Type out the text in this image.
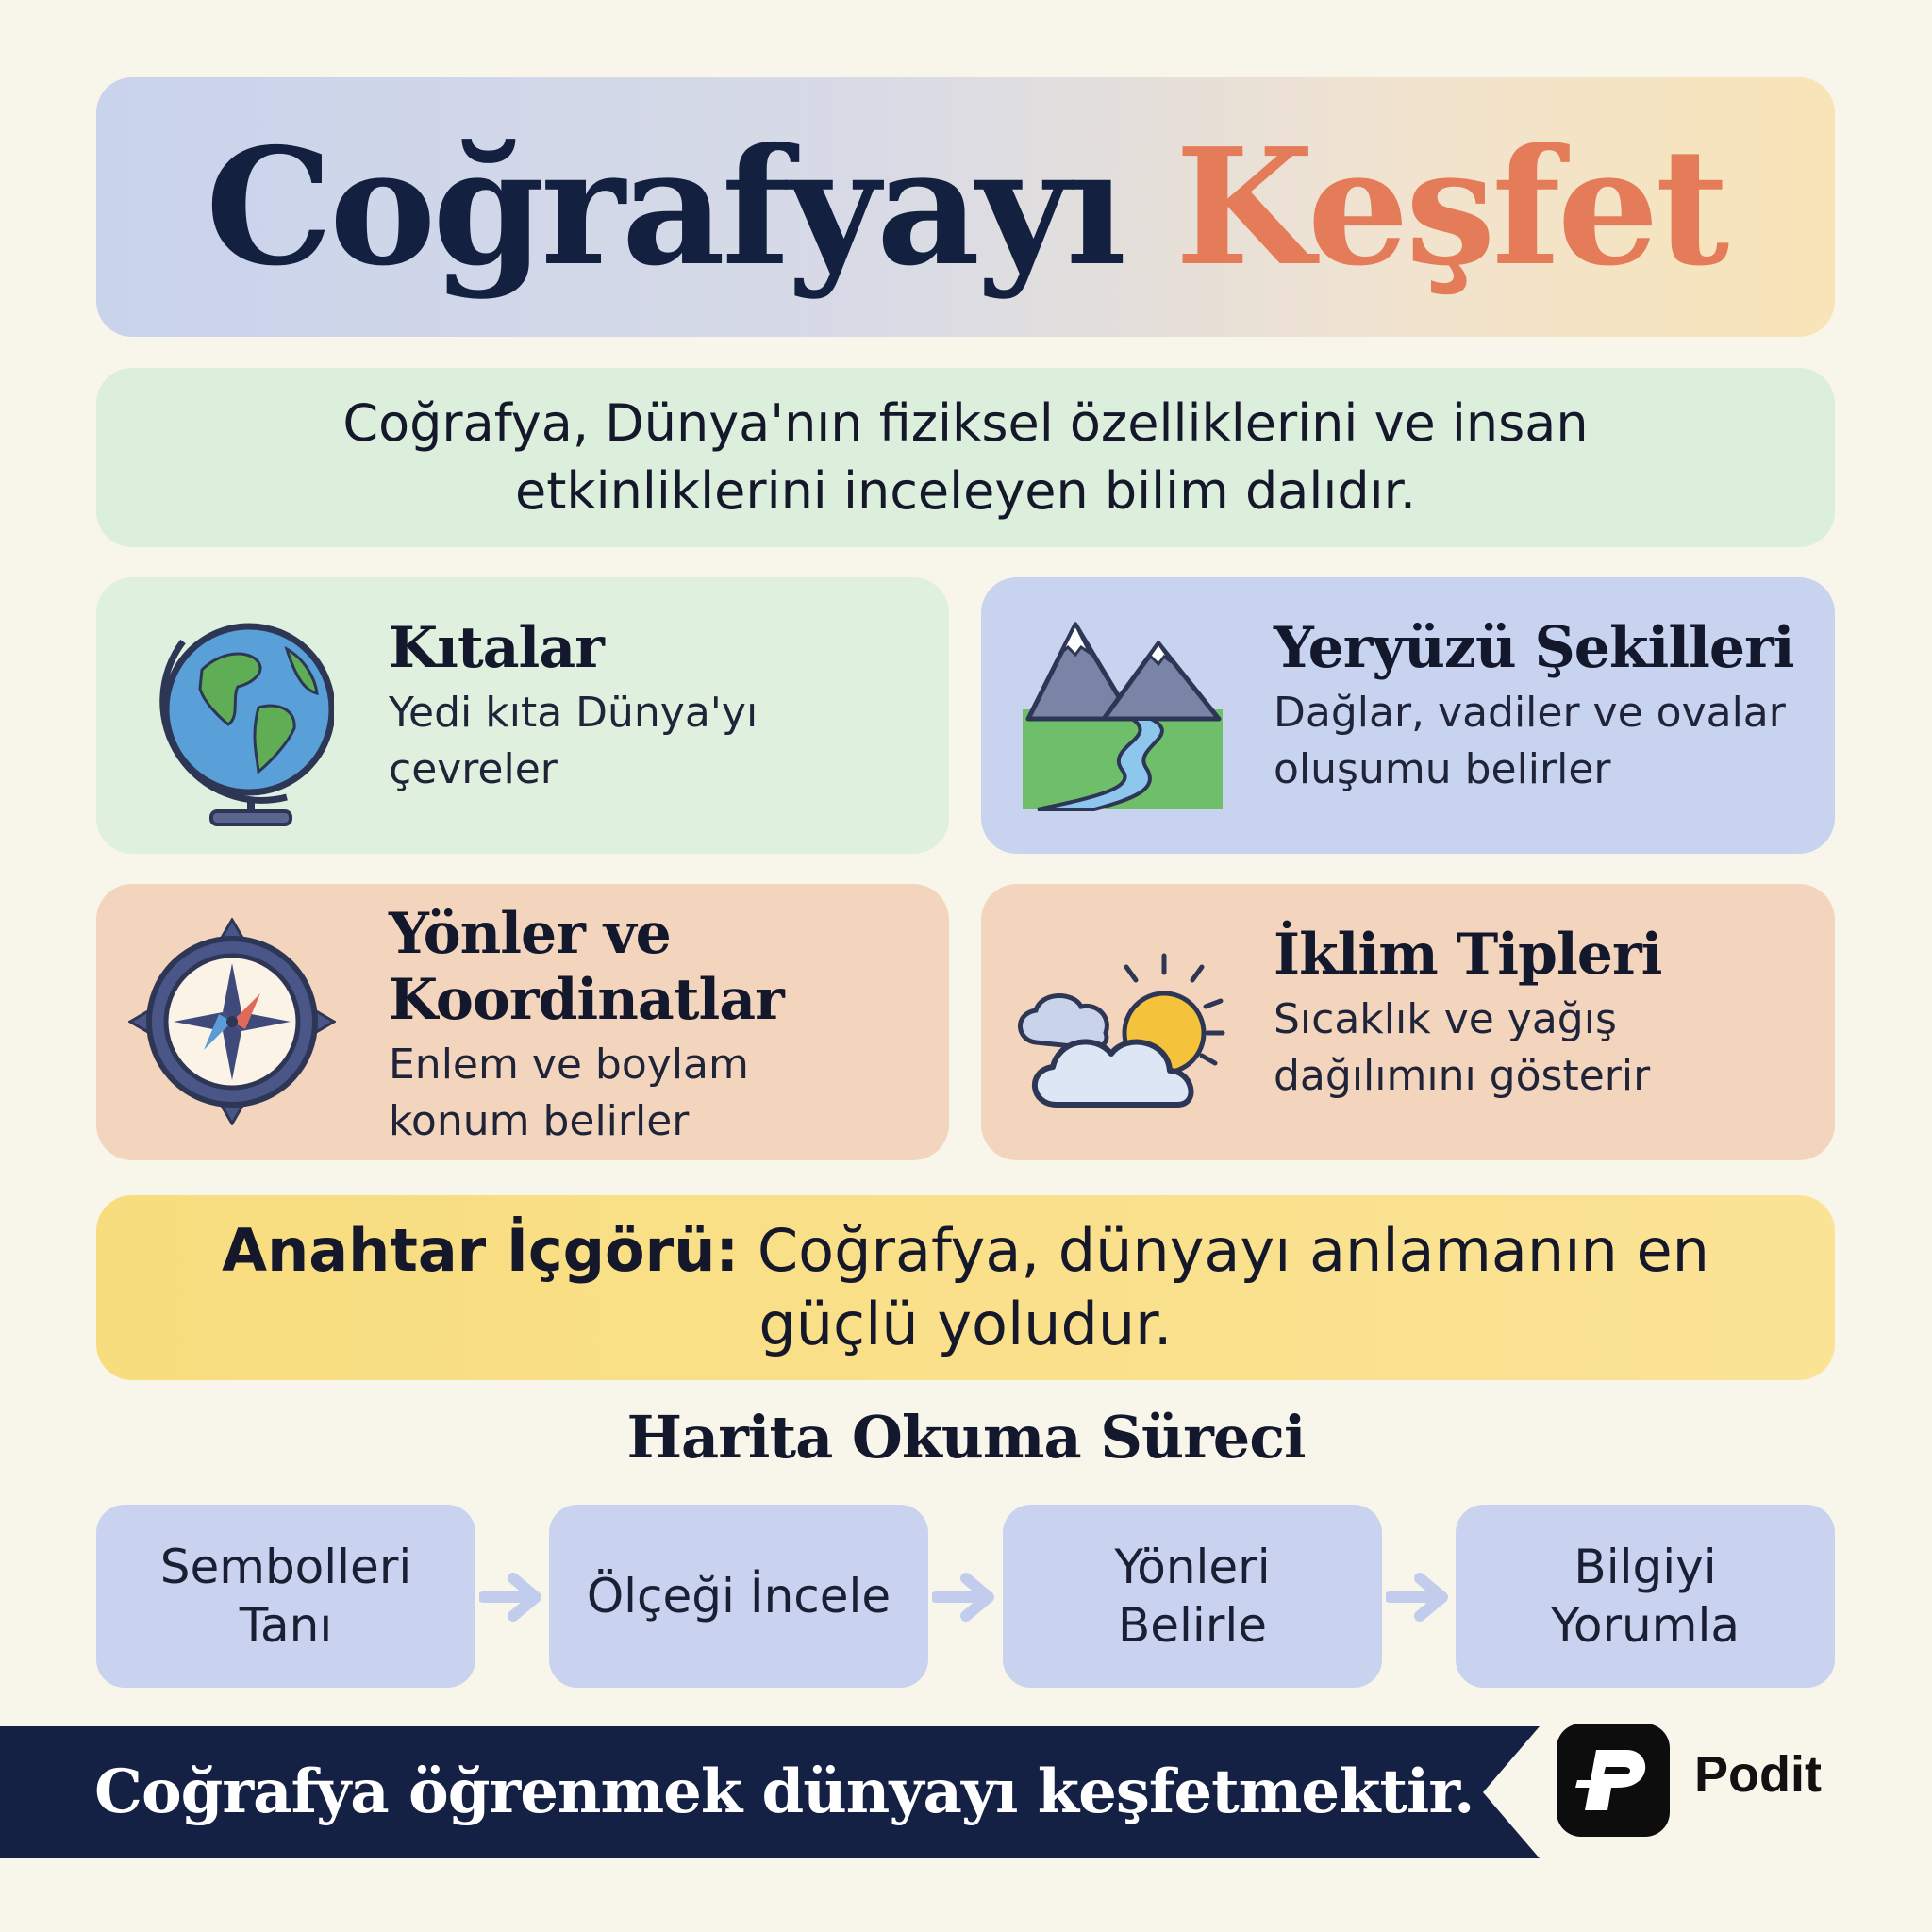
Coğrafyayı Keşfet

Coğrafya, Dünya'nın fiziksel özelliklerini ve insan etkinliklerini inceleyen bilim dalıdır.

Kıtalar

Yedi kıta Dünya'yı çevreler

Yeryüzü Şekilleri

Dağlar, vadiler ve ovalar oluşumu belirler

Yönler ve Koordinatlar

Enlem ve boylam konum belirler

İklim Tipleri

Sıcaklık ve yağış dağılımını gösterir

Anahtar İçgörü: Coğrafya, dünyayı anlamanın en güçlü yoludur.

Harita Okuma Süreci
Sembolleri Tanı
Ölçeği İncele
Yönleri Belirle
Bilgiyi Yorumla

Coğrafya öğrenmek dünyayı keşfetmektir.	Podit
